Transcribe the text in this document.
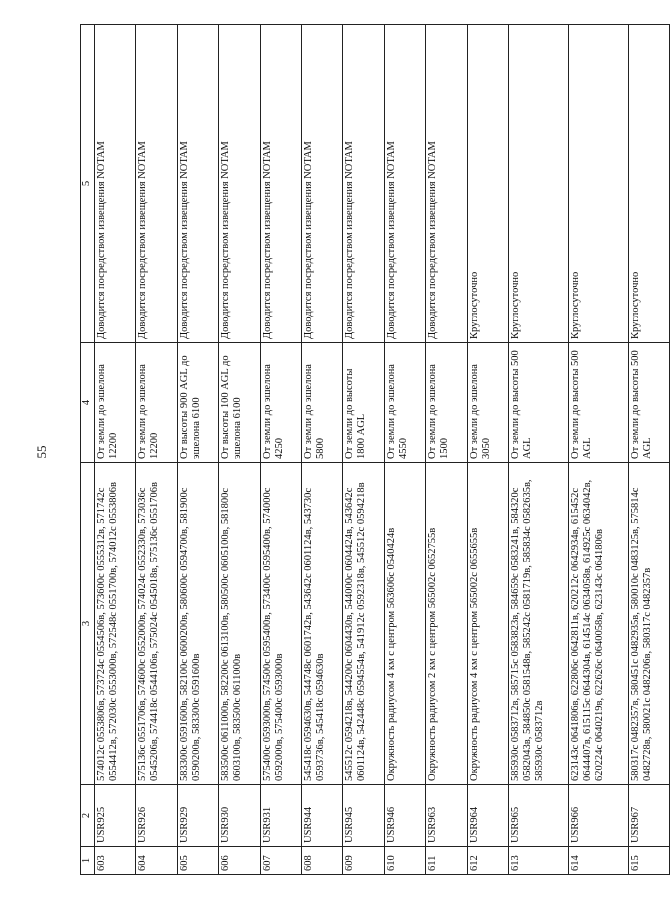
55
1	2	3	4	5
603	USR925	574012с 0553806в, 573724с 0554506в, 573600с 0555312в, 571742с 0554412в, 572030с 0553000в, 572548с 0551700в, 574012с 0553806в	От земли до эшелона 12200	Доводится посредством извещения NOTAM
604	USR926	575136с 0551706в, 574600с 0552000в, 574024с 0552330в, 573036с 0545206в, 574418с 0544106в, 575024с 0545018в, 575136с 0551706в	От земли до эшелона 12200	Доводится посредством извещения NOTAM
605	USR929	583300с 0591600в, 582100с 0600200в, 580600с 0594700в, 581900с 0590200в, 583300с 0591600в	От высоты 900 AGL до эшелона 6100	Доводится посредством извещения NOTAM
606	USR930	583500с 0611000в, 582200с 0613100в, 580500с 0605100в, 581800с 0603100в, 583500с 0611000в	От высоты 100 AGL до эшелона 6100	Доводится посредством извещения NOTAM
607	USR931	575400с 0593000в, 574500с 0595400в, 573400с 0595400в, 574000с 0592000в, 575400с 0593000в	От земли до эшелона 4250	Доводится посредством извещения NOTAM
608	USR944	545418с 0594630в, 544748с 0601742в, 543642с 0601124в, 543730с 0593736в, 545418с 0594630в	От земли до эшелона 5800	Доводится посредством извещения NOTAM
609	USR945	545512с 0594218в, 544200с 0604430в, 544000с 0604424в, 543642с 0601124в, 542448с 0594554в, 541912с 0592318в, 545512с 0594218в	От земли до высоты 1800 AGL	Доводится посредством извещения NOTAM
610	USR946	Окружность радиусом 4 км с центром 563606с 0540424в	От земли до эшелона 4550	Доводится посредством извещения NOTAM
611	USR963	Окружность радиусом 2 км с центром 565002с 0652755в	От земли до эшелона 1500	Доводится посредством извещения NOTAM
612	USR964	Окружность радиусом 4 км с центром 565002с 0655655в	От земли до эшелона 3050	Круглосуточно
613	USR965	585930с 0583712в, 585715с 0583823в, 584659с 0583241в, 584320с 0582043в, 584850с 0581548в, 585242с 0581719в, 585834с 0582635в, 585930с 0583712в	От земли до высоты 500 AGL	Круглосуточно
614	USR966	623143с 0641806в, 622806с 0642811в, 620212с 0642934в, 615452с 0644407в, 615115с 0644304в, 614514с 0634058в, 614925с 0634042в, 620224с 0640219в, 622626с 0640058в, 623143с 0641806в	От земли до высоты 500 AGL	Круглосуточно
615	USR967	580317с 0482357в, 580451с 0482935в, 580010с 0483125в, 575814с 0482728в, 580021с 0482206в, 580317с 0482357в	От земли до высоты 500 AGL	Круглосуточно
